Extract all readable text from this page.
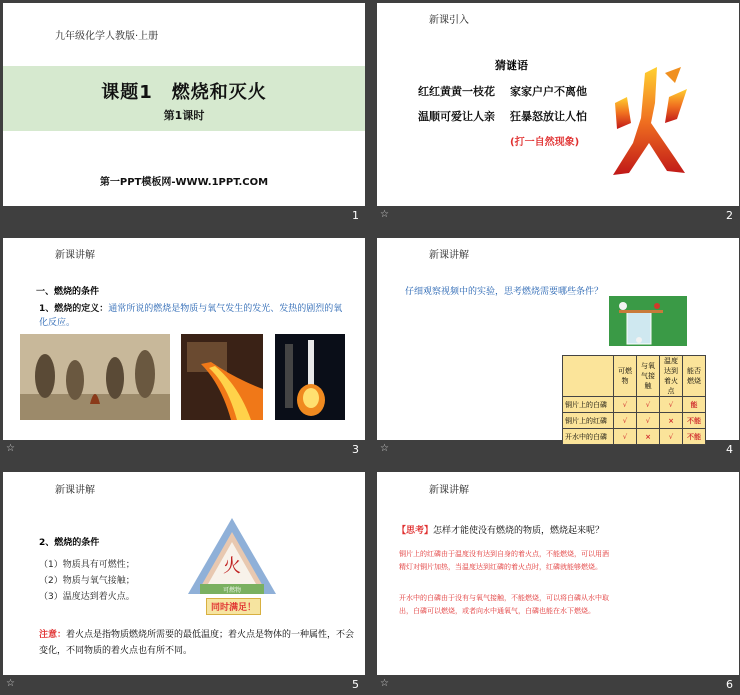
九年级化学人教版·上册
课题1　燃烧和灭火
第1课时
第一PPT模板网-WWW.1PPT.COM
1
新课引入
猜谜语
红红黄黄一枝花 家家户户不离他
温顺可爱让人亲 狂暴怒放让人怕
(打一自然现象)
☆	2
新课讲解
一、燃烧的条件
1、燃烧的定义：通常所说的燃烧是物质与氧气发生的发光、发热的剧烈的氧化反应。
☆	3
新课讲解
仔细观察视频中的实验，思考燃烧需要哪些条件？
	可燃物	与氧气接触	温度达到着火点	能否燃烧
铜片上的白磷	√	√	√	能
铜片上的红磷	√	√	×	不能
开水中的白磷	√	×	√	不能
☆	4
新课讲解
2、燃烧的条件
（1）物质具有可燃性；
（2）物质与氧气接触；
（3）温度达到着火点。
火
可燃物
同时满足！
注意：着火点是指物质燃烧所需要的最低温度；着火点是物体的一种属性，不会变化，不同物质的着火点也有所不同。
☆	5
新课讲解
【思考】怎样才能使没有燃烧的物质，燃烧起来呢？
铜片上的红磷由于温度没有达到自身的着火点，不能燃烧，可以用酒精灯对铜片加热，当温度达到红磷的着火点时，红磷就能够燃烧。
开水中的白磷由于没有与氧气接触，不能燃烧，可以将白磷从水中取出，白磷可以燃烧，或者向水中通氧气，白磷也能在水下燃烧。
☆	6
